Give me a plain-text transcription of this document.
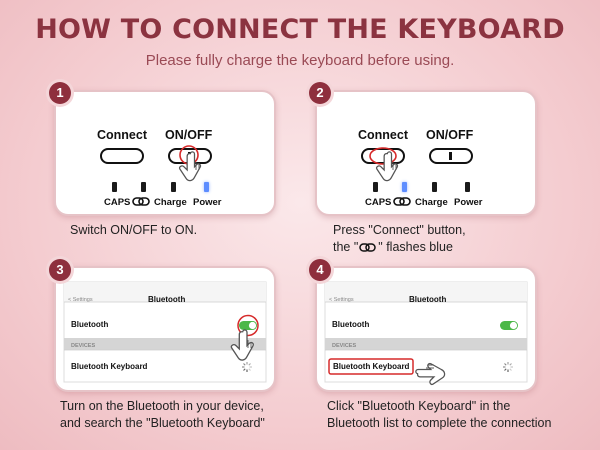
HOW TO CONNECT THE KEYBOARD
Please fully charge the keyboard before using.
Connect ON/OFF
CAPS Charge Power
1
Switch ON/OFF to ON.
Connect ON/OFF
CAPS Charge Power
2
Press "Connect" button,
the " " flashes blue
< Settings	Bluetooth
Bluetooth
DEVICES
Bluetooth Keyboard
3
Turn on the Bluetooth in your device,
and search the "Bluetooth Keyboard"
< Settings	Bluetooth
Bluetooth
DEVICES
Bluetooth Keyboard
4
Click "Bluetooth Keyboard" in the
Bluetooth list to complete the connection
